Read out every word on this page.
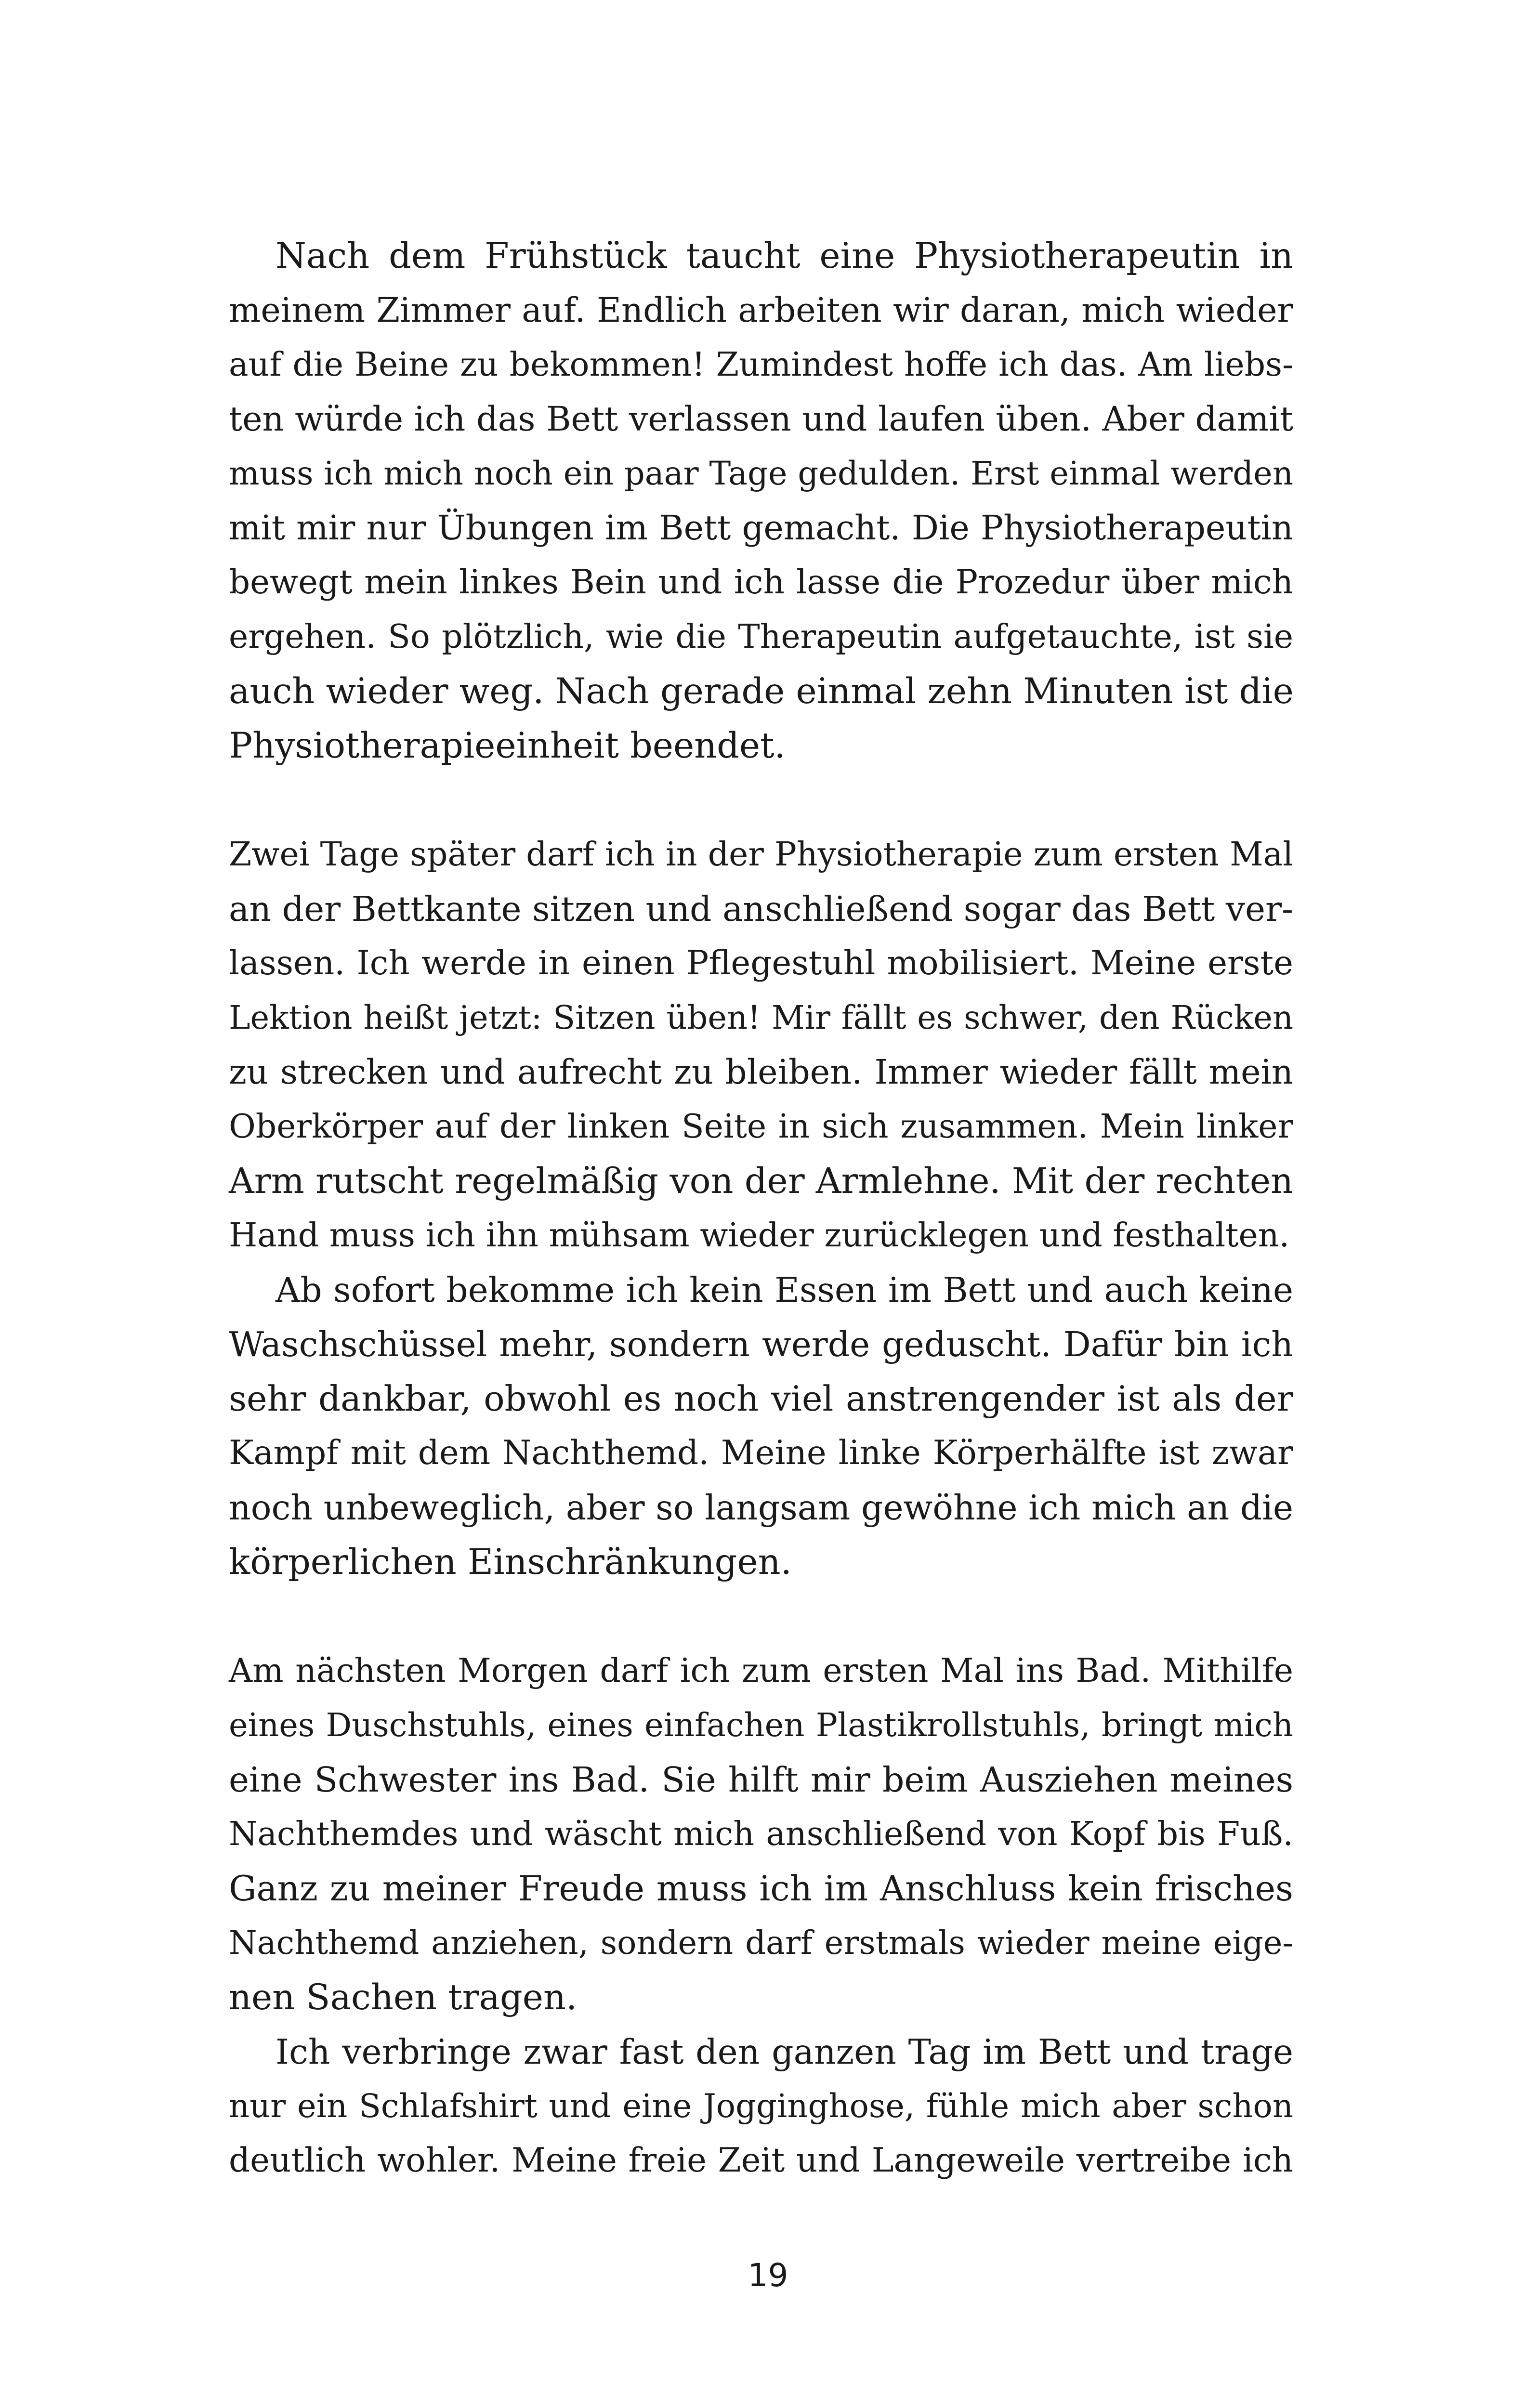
Nach dem Frühstück taucht eine Physiotherapeutin in
meinem Zimmer auf. Endlich arbeiten wir daran, mich wieder
auf die Beine zu bekommen! Zumindest hoffe ich das. Am liebs-
ten würde ich das Bett verlassen und laufen üben. Aber damit
muss ich mich noch ein paar Tage gedulden. Erst einmal werden
mit mir nur Übungen im Bett gemacht. Die Physiotherapeutin
bewegt mein linkes Bein und ich lasse die Prozedur über mich
ergehen. So plötzlich, wie die Therapeutin aufgetauchte, ist sie
auch wieder weg. Nach gerade einmal zehn Minuten ist die
Physiotherapieeinheit beendet.
Zwei Tage später darf ich in der Physiotherapie zum ersten Mal
an der Bettkante sitzen und anschließend sogar das Bett ver-
lassen. Ich werde in einen Pflegestuhl mobilisiert. Meine erste
Lektion heißt jetzt: Sitzen üben! Mir fällt es schwer, den Rücken
zu strecken und aufrecht zu bleiben. Immer wieder fällt mein
Oberkörper auf der linken Seite in sich zusammen. Mein linker
Arm rutscht regelmäßig von der Armlehne. Mit der rechten
Hand muss ich ihn mühsam wieder zurücklegen und festhalten.
Ab sofort bekomme ich kein Essen im Bett und auch keine
Waschschüssel mehr, sondern werde geduscht. Dafür bin ich
sehr dankbar, obwohl es noch viel anstrengender ist als der
Kampf mit dem Nachthemd. Meine linke Körperhälfte ist zwar
noch unbeweglich, aber so langsam gewöhne ich mich an die
körperlichen Einschränkungen.
Am nächsten Morgen darf ich zum ersten Mal ins Bad. Mithilfe
eines Duschstuhls, eines einfachen Plastikrollstuhls, bringt mich
eine Schwester ins Bad. Sie hilft mir beim Ausziehen meines
Nachthemdes und wäscht mich anschließend von Kopf bis Fuß.
Ganz zu meiner Freude muss ich im Anschluss kein frisches
Nachthemd anziehen, sondern darf erstmals wieder meine eige-
nen Sachen tragen.
Ich verbringe zwar fast den ganzen Tag im Bett und trage
nur ein Schlafshirt und eine Jogginghose, fühle mich aber schon
deutlich wohler. Meine freie Zeit und Langeweile vertreibe ich
19
